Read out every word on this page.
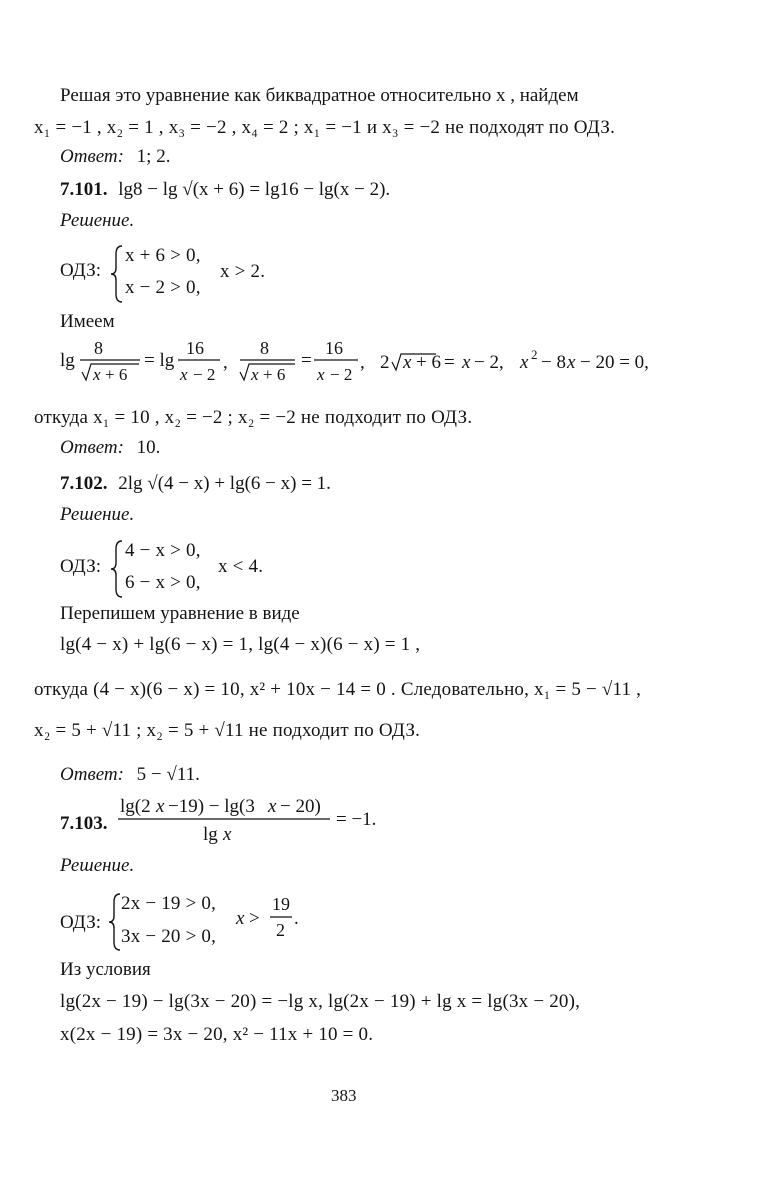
Решая это уравнение как биквадратное относительно x , найдем
x₁ = −1 , x₂ = 1 , x₃ = −2 , x₄ = 2 ; x₁ = −1 и x₃ = −2 не подходят по ОДЗ.
Ответ: 1; 2.
7.101. lg8 − lg √(x + 6) = lg16 − lg(x − 2).
Решение.
ОДЗ:
x + 6 > 0,
x − 2 > 0,
x > 2.
Имеем
lg
8
x + 6
= lg
16
x − 2
,
8
x + 6
=
16
x − 2
, 2 x + 6 = x − 2, x 2 − 8 x − 20 = 0,
откуда x₁ = 10 , x₂ = −2 ; x₂ = −2 не подходит по ОДЗ.
Ответ: 10.
7.102. 2lg √(4 − x) + lg(6 − x) = 1.
Решение.
ОДЗ:
4 − x > 0,
6 − x > 0,
x < 4.
Перепишем уравнение в виде
lg(4 − x) + lg(6 − x) = 1, lg(4 − x)(6 − x) = 1 ,
откуда (4 − x)(6 − x) = 10, x² + 10x − 14 = 0 . Следовательно, x₁ = 5 − √11 ,
x₂ = 5 + √11 ; x₂ = 5 + √11 не подходит по ОДЗ.
Ответ: 5 − √11.
7.103.
lg(2 x −19) − lg(3 x − 20)
lg x
= −1.
Решение.
ОДЗ:
2x − 19 > 0,
3x − 20 > 0,
x >
19
2
.
Из условия
lg(2x − 19) − lg(3x − 20) = −lg x, lg(2x − 19) + lg x = lg(3x − 20),
x(2x − 19) = 3x − 20, x² − 11x + 10 = 0.
383
